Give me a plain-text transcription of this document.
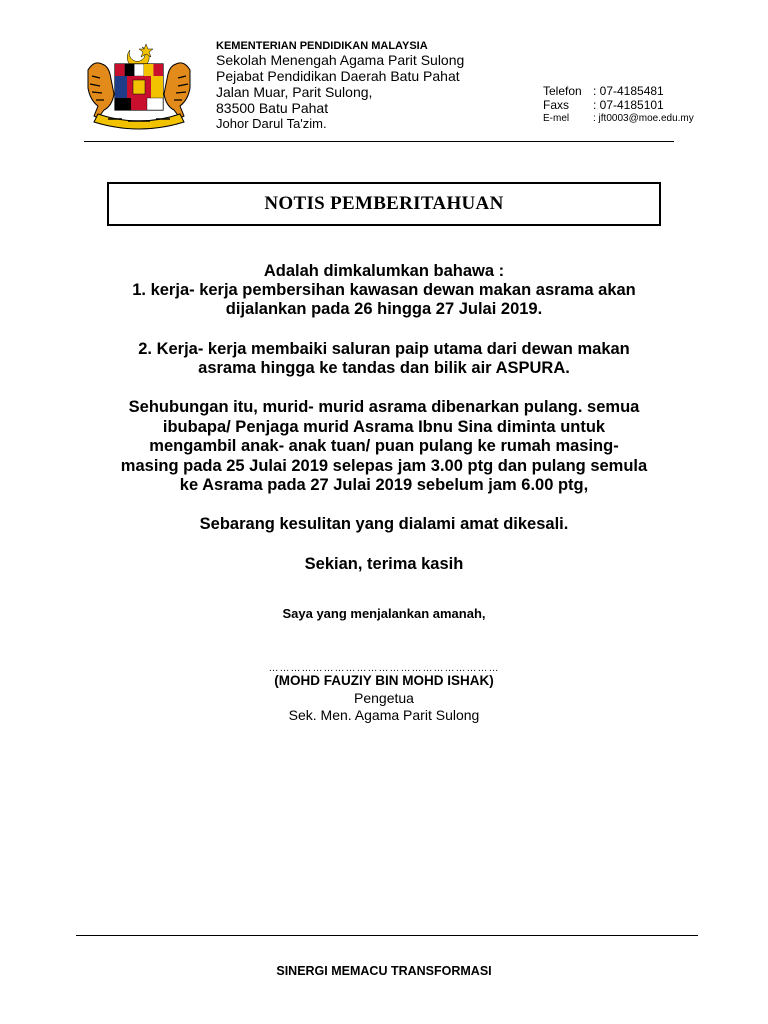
KEMENTERIAN PENDIDIKAN MALAYSIA
Sekolah Menengah Agama Parit Sulong
Pejabat Pendidikan Daerah Batu Pahat
Jalan Muar, Parit Sulong,
83500 Batu Pahat
Johor Darul Ta'zim.
Telefon : 07-4185481
Faxs : 07-4185101
E-mel : jft0003@moe.edu.my
NOTIS PEMBERITAHUAN
Adalah dimkalumkan bahawa :
1. kerja- kerja pembersihan kawasan dewan makan asrama akan
dijalankan pada 26 hingga 27 Julai 2019.
2. Kerja- kerja membaiki saluran paip utama dari dewan makan
asrama hingga ke tandas dan bilik air ASPURA.
Sehubungan itu, murid- murid asrama dibenarkan pulang. semua
ibubapa/ Penjaga murid Asrama Ibnu Sina diminta untuk
mengambil anak- anak tuan/ puan pulang ke rumah masing-
masing pada 25 Julai 2019 selepas jam 3.00 ptg dan pulang semula
ke Asrama pada 27 Julai 2019 sebelum jam 6.00 ptg,
Sebarang kesulitan yang dialami amat dikesali.
Sekian, terima kasih
Saya yang menjalankan amanah,
………………………………………………………
(MOHD FAUZIY BIN MOHD ISHAK)
Pengetua
Sek. Men. Agama Parit Sulong
SINERGI MEMACU TRANSFORMASI
